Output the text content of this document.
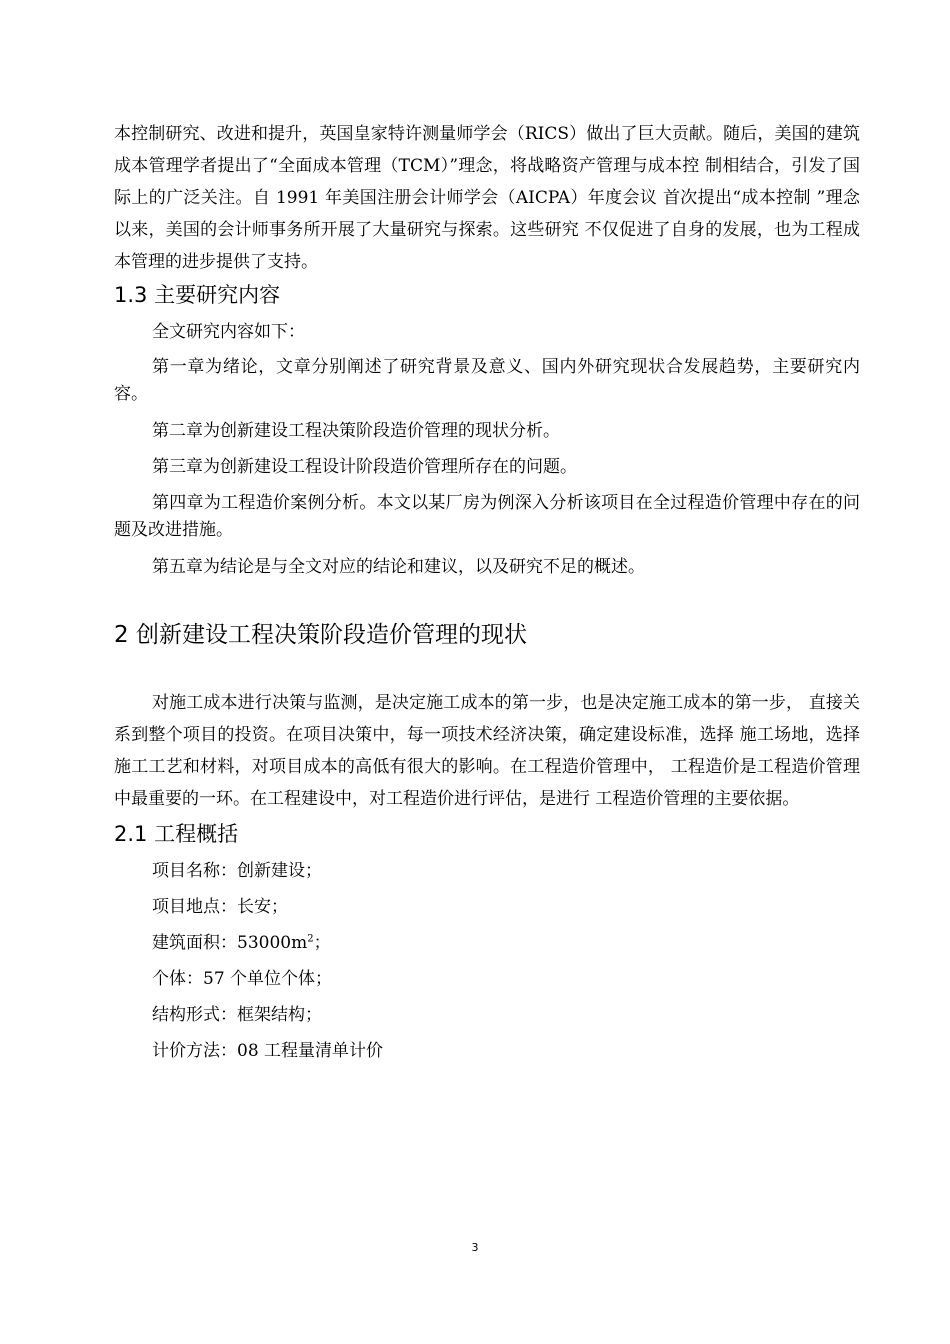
本控制研究、改进和提升，英国皇家特许测量师学会（RICS）做出了巨大贡献。随后，美国的建筑成本管理学者提出了“全面成本管理（TCM）”理念，将战略资产管理与成本控 制相结合，引发了国际上的广泛关注。自 1991 年美国注册会计师学会（AICPA）年度会议 首次提出“成本控制 ”理念以来，美国的会计师事务所开展了大量研究与探索。这些研究 不仅促进了自身的发展，也为工程成本管理的进步提供了支持。

1.3 主要研究内容

全文研究内容如下：

第一章为绪论，文章分别阐述了研究背景及意义、国内外研究现状合发展趋势，主要研究内容。

第二章为创新建设工程决策阶段造价管理的现状分析。

第三章为创新建设工程设计阶段造价管理所存在的问题。

第四章为工程造价案例分析。本文以某厂房为例深入分析该项目在全过程造价管理中存在的问题及改进措施。

第五章为结论是与全文对应的结论和建议，以及研究不足的概述。

2 创新建设工程决策阶段造价管理的现状

对施工成本进行决策与监测，是决定施工成本的第一步，也是决定施工成本的第一步， 直接关系到整个项目的投资。在项目决策中，每一项技术经济决策，确定建设标准，选择 施工场地，选择施工工艺和材料，对项目成本的高低有很大的影响。在工程造价管理中， 工程造价是工程造价管理中最重要的一环。在工程建设中，对工程造价进行评估，是进行 工程造价管理的主要依据。

2.1 工程概括

项目名称：创新建设；

项目地点：长安；

建筑面积：$53000m^2$；

个体：57 个单位个体；

结构形式：框架结构；

计价方法：08 工程量清单计价

3
